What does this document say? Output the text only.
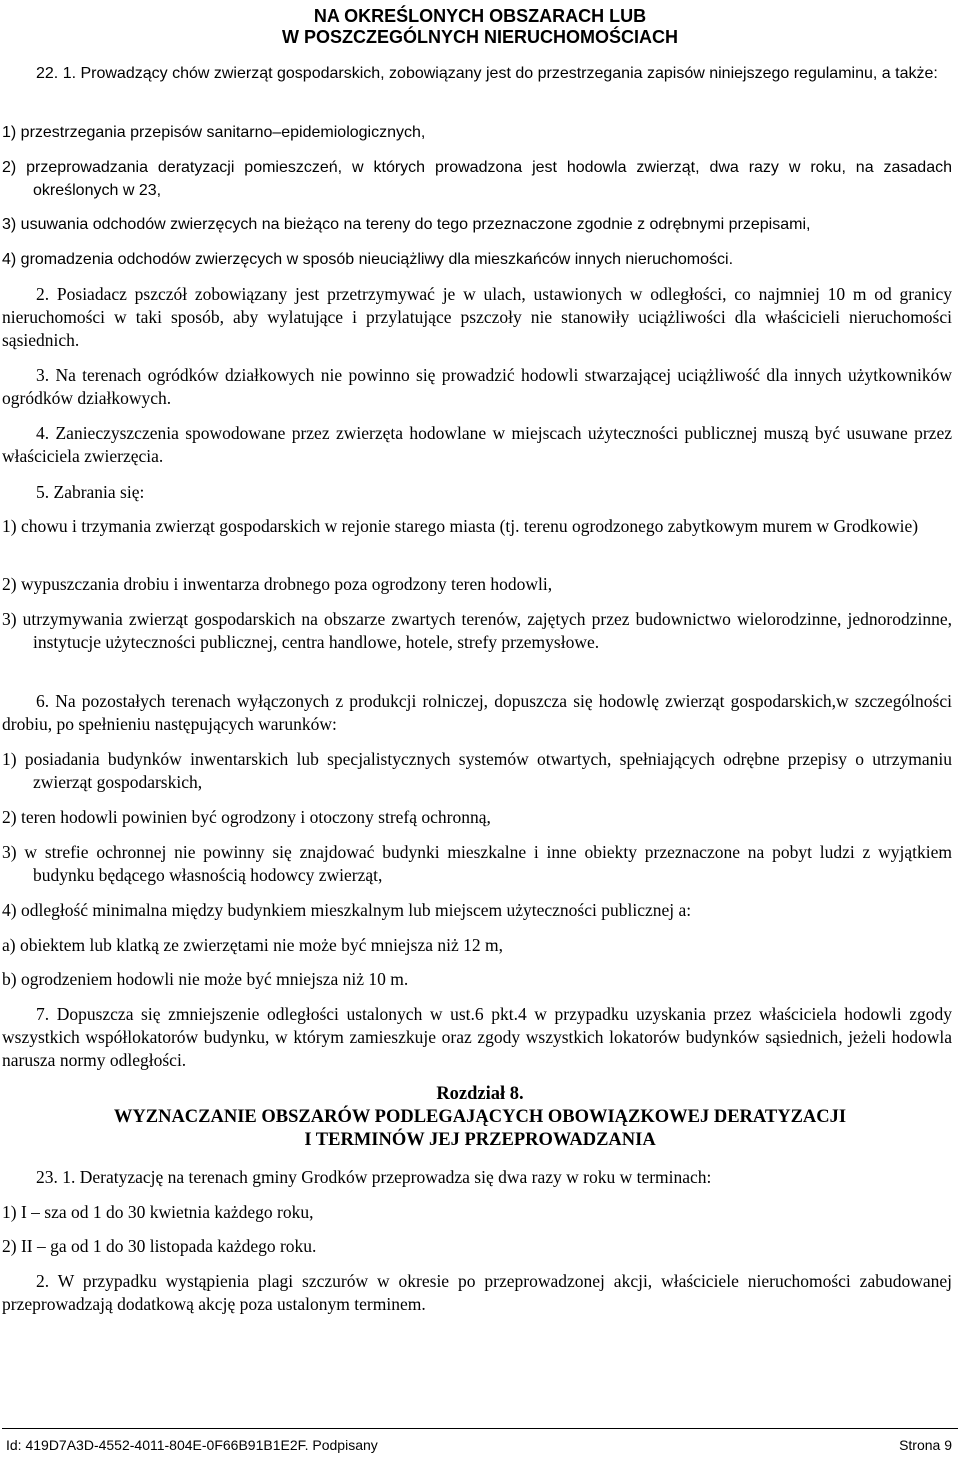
NA OKREŚLONYCH OBSZARACH LUB
W POSZCZEGÓLNYCH NIERUCHOMOŚCIACH
22. 1. Prowadzący chów zwierząt gospodarskich, zobowiązany jest do przestrzegania zapisów niniejszego regulaminu, a także:
1) przestrzegania przepisów sanitarno–epidemiologicznych,
2) przeprowadzania deratyzacji pomieszczeń, w których prowadzona jest hodowla zwierząt, dwa razy w roku, na zasadach określonych w 23,
3) usuwania odchodów zwierzęcych na bieżąco na tereny do tego przeznaczone zgodnie z odrębnymi przepisami,
4) gromadzenia odchodów zwierzęcych w sposób nieuciążliwy dla mieszkańców innych nieruchomości.
2. Posiadacz pszczół zobowiązany jest przetrzymywać je w ulach, ustawionych w odległości, co najmniej 10 m od granicy nieruchomości w taki sposób, aby wylatujące i przylatujące pszczoły nie stanowiły uciążliwości dla właścicieli nieruchomości sąsiednich.
3. Na terenach ogródków działkowych nie powinno się prowadzić hodowli stwarzającej uciążliwość dla innych użytkowników ogródków działkowych.
4. Zanieczyszczenia spowodowane przez zwierzęta hodowlane w miejscach użyteczności publicznej muszą być usuwane przez właściciela zwierzęcia.
5. Zabrania się:
1) chowu i trzymania zwierząt gospodarskich w rejonie starego miasta (tj. terenu ogrodzonego zabytkowym murem w Grodkowie)
2) wypuszczania drobiu i inwentarza drobnego poza ogrodzony teren hodowli,
3) utrzymywania zwierząt gospodarskich na obszarze zwartych terenów, zajętych przez budownictwo wielorodzinne, jednorodzinne, instytucje użyteczności publicznej, centra handlowe, hotele, strefy przemysłowe.
6. Na pozostałych terenach wyłączonych z produkcji rolniczej, dopuszcza się hodowlę zwierząt gospodarskich,w szczególności drobiu, po spełnieniu następujących warunków:
1) posiadania budynków inwentarskich lub specjalistycznych systemów otwartych, spełniających odrębne przepisy o utrzymaniu zwierząt gospodarskich,
2) teren hodowli powinien być ogrodzony i otoczony strefą ochronną,
3) w strefie ochronnej nie powinny się znajdować budynki mieszkalne i inne obiekty przeznaczone na pobyt ludzi z wyjątkiem budynku będącego własnością hodowcy zwierząt,
4) odległość minimalna między budynkiem mieszkalnym lub miejscem użyteczności publicznej a:
a) obiektem lub klatką ze zwierzętami nie może być mniejsza niż 12 m,
b) ogrodzeniem hodowli nie może być mniejsza niż 10 m.
7. Dopuszcza się zmniejszenie odległości ustalonych w ust.6 pkt.4 w przypadku uzyskania przez właściciela hodowli zgody wszystkich współlokatorów budynku, w którym zamieszkuje oraz zgody wszystkich lokatorów budynków sąsiednich, jeżeli hodowla narusza normy odległości.
Rozdział 8.
WYZNACZANIE OBSZARÓW PODLEGAJĄCYCH OBOWIĄZKOWEJ DERATYZACJI
I TERMINÓW JEJ PRZEPROWADZANIA
23. 1. Deratyzację na terenach gminy Grodków przeprowadza się dwa razy w roku w terminach:
1) I – sza od 1 do 30 kwietnia każdego roku,
2) II – ga od 1 do 30 listopada każdego roku.
2. W przypadku wystąpienia plagi szczurów w okresie po przeprowadzonej akcji, właściciele nieruchomości zabudowanej przeprowadzają dodatkową akcję poza ustalonym terminem.
Id: 419D7A3D-4552-4011-804E-0F66B91B1E2F. Podpisany	Strona 9
